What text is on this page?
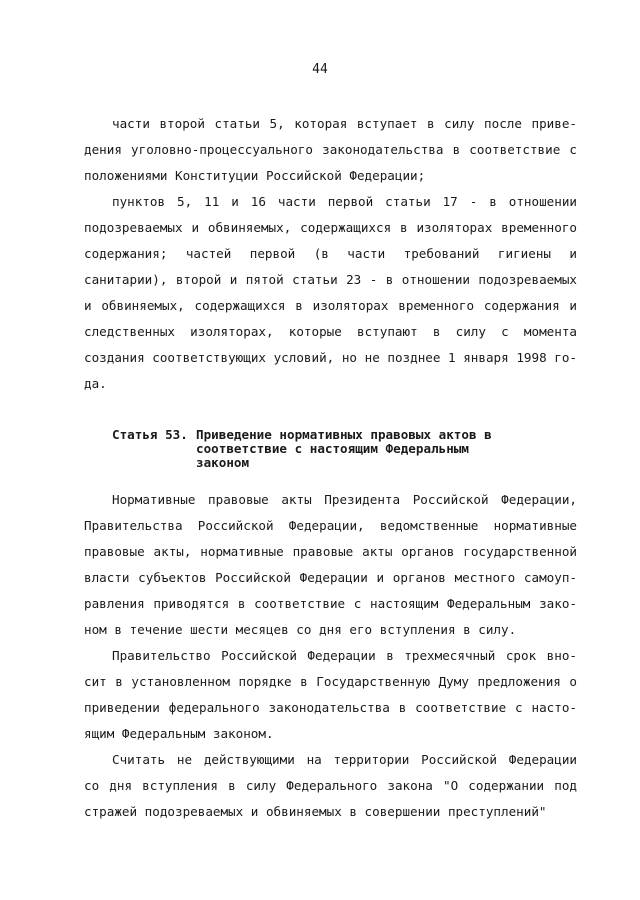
44
части второй статьи 5, которая вступает в силу после приве-
дения уголовно-процессуального законодательства в соответствие с
положениями Конституции Российской Федерации;
пунктов 5, 11 и 16 части первой статьи 17 - в отношении
подозреваемых и обвиняемых, содержащихся в изоляторах временного
содержания; частей первой (в части требований гигиены и
санитарии), второй и пятой статьи 23 - в отношении подозреваемых
и обвиняемых, содержащихся в изоляторах временного содержания и
следственных изоляторах, которые вступают в силу с момента
создания соответствующих условий, но не позднее 1 января 1998 го-
да.
Статья 53. Приведение нормативных правовых актов в
соответствие с настоящим Федеральным
законом
Нормативные правовые акты Президента Российской Федерации,
Правительства Российской Федерации, ведомственные нормативные
правовые акты, нормативные правовые акты органов государственной
власти субъектов Российской Федерации и органов местного самоуп-
равления приводятся в соответствие с настоящим Федеральным зако-
ном в течение шести месяцев со дня его вступления в силу.
Правительство Российской Федерации в трехмесячный срок вно-
сит в установленном порядке в Государственную Думу предложения о
приведении федерального законодательства в соответствие с насто-
ящим Федеральным законом.
Считать не действующими на территории Российской Федерации
со дня вступления в силу Федерального закона "О содержании под
стражей подозреваемых и обвиняемых в совершении преступлений"
